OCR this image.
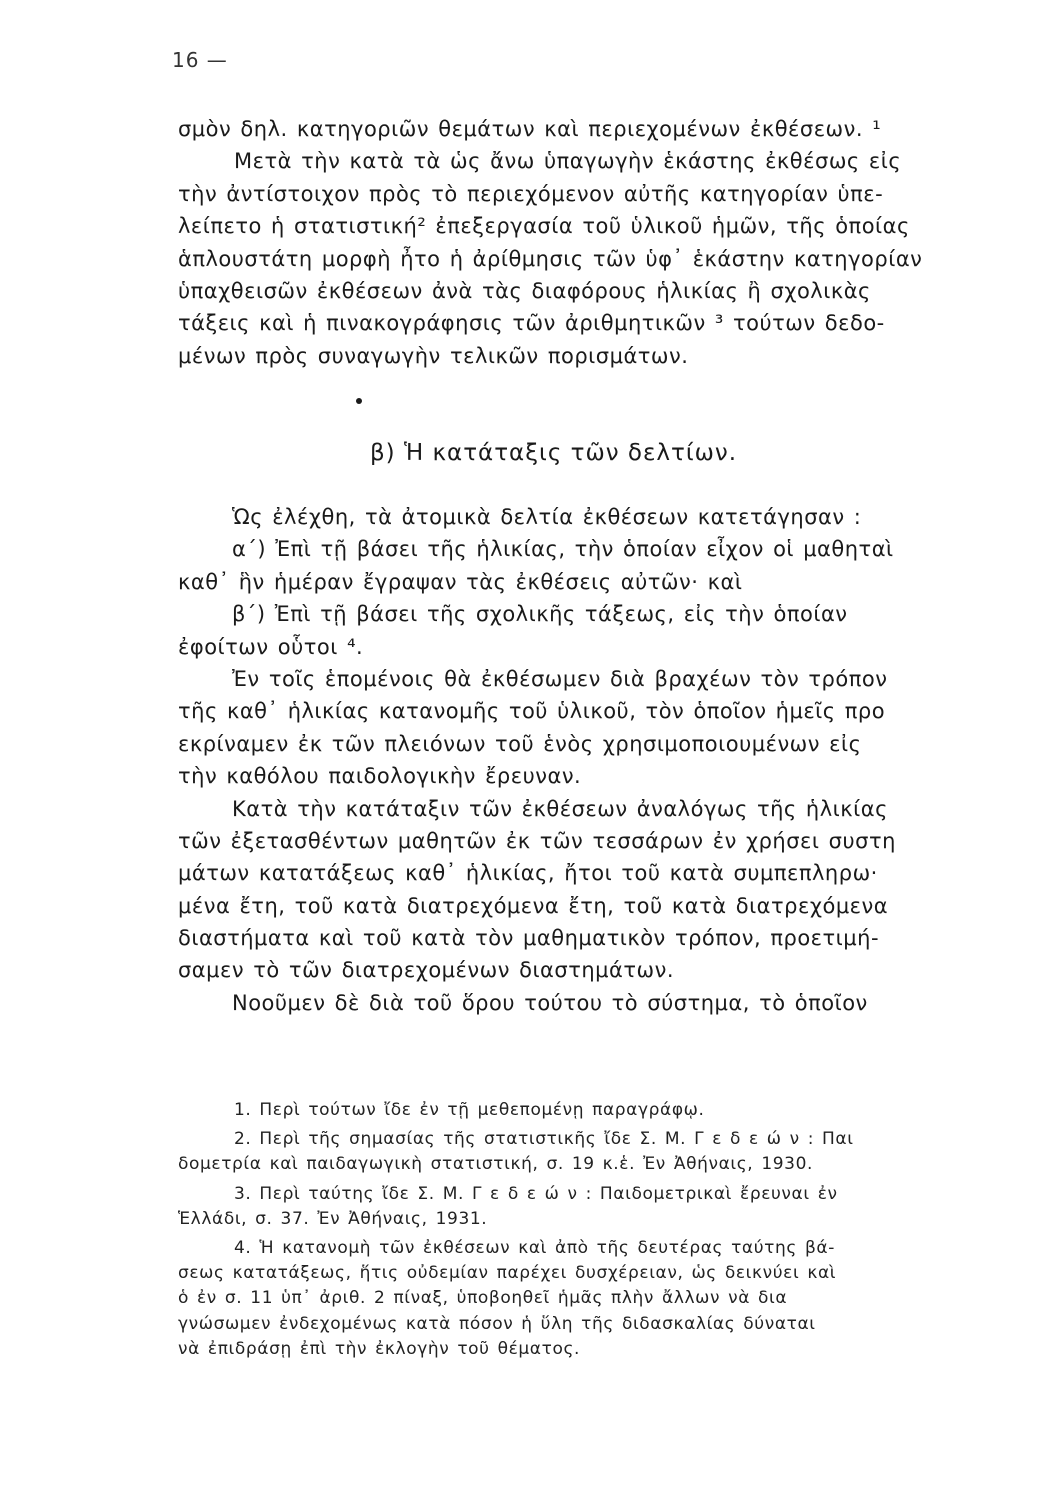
16 —
σμὸν δηλ. κατηγοριῶν θεμάτων καὶ περιεχομένων ἐκθέσεων. ¹
Μετὰ τὴν κατὰ τὰ ὡς ἄνω ὑπαγωγὴν ἑκάστης ἐκθέσως εἰς
τὴν ἀντίστοιχον πρὸς τὸ περιεχόμενον αὐτῆς κατηγορίαν ὑπε-
λείπετο ἡ στατιστική² ἐπεξεργασία τοῦ ὑλικοῦ ἡμῶν, τῆς ὁποίας
ἁπλουστάτη μορφὴ ἦτο ἡ ἀρίθμησις τῶν ὑφ᾽ ἑκάστην κατηγορίαν
ὑπαχθεισῶν ἐκθέσεων ἀνὰ τὰς διαφόρους ἡλικίας ἢ σχολικὰς
τάξεις καὶ ἡ πινακογράφησις τῶν ἀριθμητικῶν ³ τούτων δεδο-
μένων πρὸς συναγωγὴν τελικῶν πορισμάτων.
β) Ἡ κατάταξις τῶν δελτίων.
Ὡς ἐλέχθη, τὰ ἀτομικὰ δελτία ἐκθέσεων κατετάγησαν :
α΄) Ἐπὶ τῇ βάσει τῆς ἡλικίας, τὴν ὁποίαν εἶχον οἱ μαθηταὶ
καθ᾽ ἣν ἡμέραν ἔγραψαν τὰς ἐκθέσεις αὐτῶν· καὶ
β΄) Ἐπὶ τῇ βάσει τῆς σχολικῆς τάξεως, εἰς τὴν ὁποίαν
ἐφοίτων οὗτοι ⁴.
Ἐν τοῖς ἑπομένοις θὰ ἐκθέσωμεν διὰ βραχέων τὸν τρόπον
τῆς καθ᾽ ἡλικίας κατανομῆς τοῦ ὑλικοῦ, τὸν ὁποῖον ἡμεῖς προ
εκρίναμεν ἐκ τῶν πλειόνων τοῦ ἑνὸς χρησιμοποιουμένων εἰς
τὴν καθόλου παιδολογικὴν ἔρευναν.
Κατὰ τὴν κατάταξιν τῶν ἐκθέσεων ἀναλόγως τῆς ἡλικίας
τῶν ἐξετασθέντων μαθητῶν ἐκ τῶν τεσσάρων ἐν χρήσει συστη
μάτων κατατάξεως καθ᾽ ἡλικίας, ἤτοι τοῦ κατὰ συμπεπληρω·
μένα ἔτη, τοῦ κατὰ διατρεχόμενα ἔτη, τοῦ κατὰ διατρεχόμενα
διαστήματα καὶ τοῦ κατὰ τὸν μαθηματικὸν τρόπον, προετιμή-
σαμεν τὸ τῶν διατρεχομένων διαστημάτων.
Νοοῦμεν δὲ διὰ τοῦ ὅρου τούτου τὸ σύστημα, τὸ ὁποῖον
1. Περὶ τούτων ἴδε ἐν τῇ μεθεπομένῃ παραγράφῳ.
2. Περὶ τῆς σημασίας τῆς στατιστικῆς ἴδε Σ. Μ. Γ ε δ ε ώ ν : Παι
δομετρία καὶ παιδαγωγικὴ στατιστική, σ. 19 κ.ἑ. Ἐν Ἀθήναις, 1930.
3. Περὶ ταύτης ἴδε Σ. Μ. Γ ε δ ε ώ ν : Παιδομετρικαὶ ἔρευναι ἐν
Ἑλλάδι, σ. 37. Ἐν Ἀθήναις, 1931.
4. Ἡ κατανομὴ τῶν ἐκθέσεων καὶ ἀπὸ τῆς δευτέρας ταύτης βά-
σεως κατατάξεως, ἥτις οὐδεμίαν παρέχει δυσχέρειαν, ὡς δεικνύει καὶ
ὁ ἐν σ. 11 ὑπ᾽ ἀριθ. 2 πίναξ, ὑποβοηθεῖ ἡμᾶς πλὴν ἄλλων νὰ δια
γνώσωμεν ἐνδεχομένως κατὰ πόσον ἡ ὕλη τῆς διδασκαλίας δύναται
νὰ ἐπιδράσῃ ἐπὶ τὴν ἐκλογὴν τοῦ θέματος.
